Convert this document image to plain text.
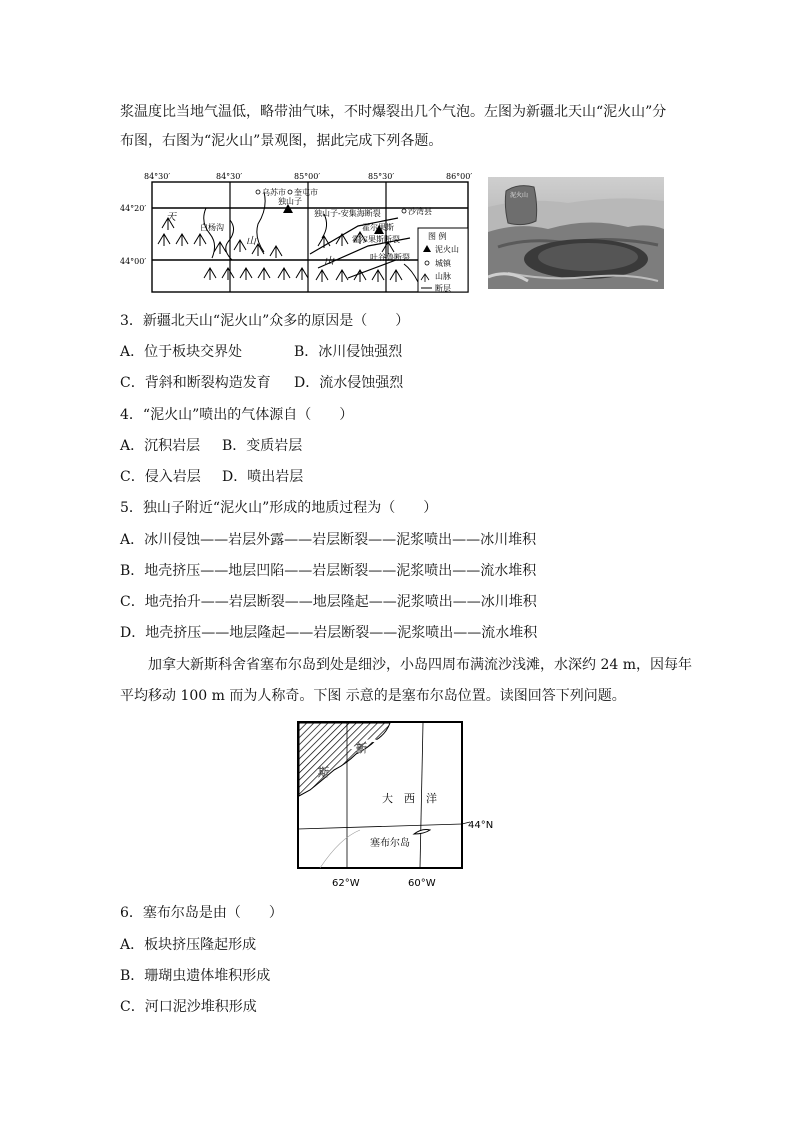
浆温度比当地气温低，略带油气味，不时爆裂出几个气泡。左图为新疆北天山“泥火山”分
布图，右图为“泥火山”景观图，据此完成下列各题。
84°30′	84°30′	85°00′	85°30′	86°00′
44°20′
44°00′
天
山
山
乌苏市 奎屯市
独山子
独山子-安集海断裂
白杨沟	霍尔果斯
霍尔果斯断裂
吐谷鲁断裂
沙湾县
图 例
泥火山
城镇
山脉
断层
泥火山
3．新疆北天山“泥火山”众多的原因是（　　）
A．位于板块交界处	B．冰川侵蚀强烈
C．背斜和断裂构造发育 D．流水侵蚀强烈
4．“泥火山”喷出的气体源自（　　）
A．沉积岩层 B．变质岩层
C．侵入岩层 D．喷出岩层
5．独山子附近“泥火山”形成的地质过程为（　　）
A．冰川侵蚀——岩层外露——岩层断裂——泥浆喷出——冰川堆积
B．地壳挤压——地层凹陷——岩层断裂——泥浆喷出——流水堆积
C．地壳抬升——岩层断裂——地层隆起——泥浆喷出——冰川堆积
D．地壳挤压——地层隆起——岩层断裂——泥浆喷出——流水堆积
加拿大新斯科舍省塞布尔岛到处是细沙，小岛四周布满流沙浅滩，水深约 24 m，因每年
平均移动 100 m 而为人称奇。下图 示意的是塞布尔岛位置。读图回答下列问题。
新
斯
大　西　洋
塞布尔岛
44°N
62°W	60°W
6．塞布尔岛是由（　　）
A．板块挤压隆起形成
B．珊瑚虫遗体堆积形成
C．河口泥沙堆积形成
